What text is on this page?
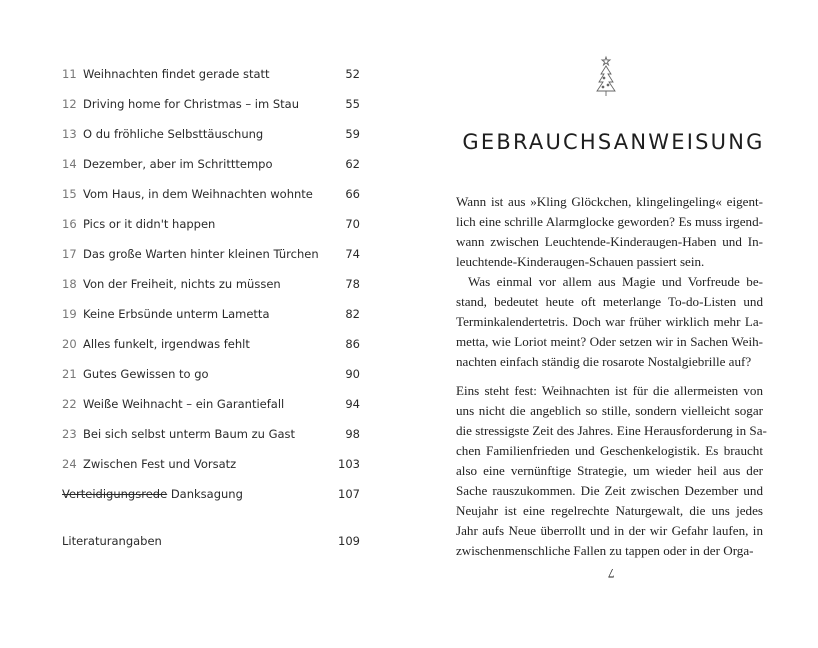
11 Weihnachten findet gerade statt	52
12 Driving home for Christmas – im Stau	55
13 O du fröhliche Selbsttäuschung	59
14 Dezember, aber im Schritttempo	62
15 Vom Haus, in dem Weihnachten wohnte	66
16 Pics or it didn't happen	70
17 Das große Warten hinter kleinen Türchen 74
18 Von der Freiheit, nichts zu müssen	78
19 Keine Erbsünde unterm Lametta	82
20 Alles funkelt, irgendwas fehlt	86
21 Gutes Gewissen to go	90
22 Weiße Weihnacht – ein Garantiefall	94
23 Bei sich selbst unterm Baum zu Gast	98
24 Zwischen Fest und Vorsatz	103
Verteidigungsrede Danksagung	107
Literaturangaben	109
GEBRAUCHSANWEISUNG
Wann ist aus »Kling Glöckchen, klingelingeling« eigent-
lich eine schrille Alarmglocke geworden? Es muss irgend-
wann zwischen Leuchtende-Kinderaugen-Haben und In-
leuchtende-Kinderaugen-Schauen passiert sein.
Was einmal vor allem aus Magie und Vorfreude be-
stand, bedeutet heute oft meterlange To-do-Listen und
Terminkalendertetris. Doch war früher wirklich mehr La-
metta, wie Loriot meint? Oder setzen wir in Sachen Weih-
nachten einfach ständig die rosarote Nostalgiebrille auf?
Eins steht fest: Weihnachten ist für die allermeisten von
uns nicht die angeblich so stille, sondern vielleicht sogar
die stressigste Zeit des Jahres. Eine Herausforderung in Sa-
chen Familienfrieden und Geschenkelogistik. Es braucht
also eine vernünftige Strategie, um wieder heil aus der
Sache rauszukommen. Die Zeit zwischen Dezember und
Neujahr ist eine regelrechte Naturgewalt, die uns jedes
Jahr aufs Neue überrollt und in der wir Gefahr laufen, in
zwischenmenschliche Fallen zu tappen oder in der Orga-
7
